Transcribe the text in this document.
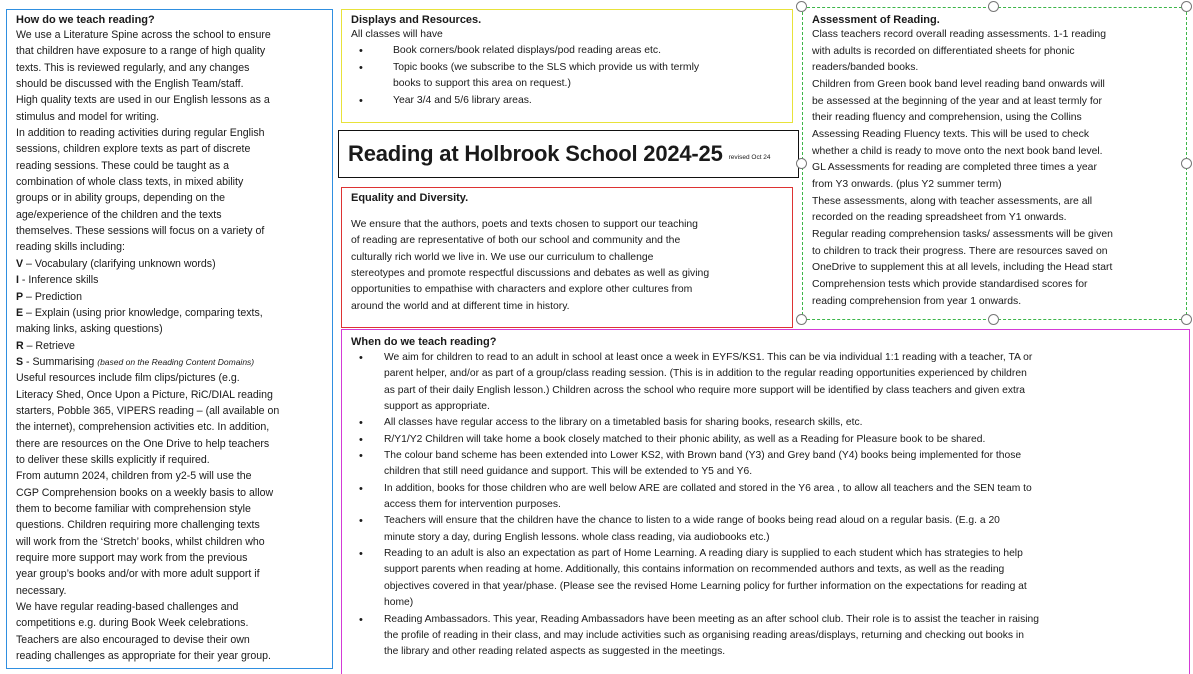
How do we teach reading?

We use a Literature Spine across the school to ensure

that children have exposure to a range of high quality

texts. This is reviewed regularly, and any changes

should be discussed with the English Team/staff.

High quality texts are used in our English lessons as a

stimulus and model for writing.

In addition to reading activities during regular English

sessions, children explore texts as part of discrete

reading sessions. These could be taught as a

combination of whole class texts, in mixed ability

groups or in ability groups, depending on the

age/experience of the children and the texts

themselves. These sessions will focus on a variety of

reading skills including:

V – Vocabulary (clarifying unknown words)

I - Inference skills

P – Prediction

E – Explain (using prior knowledge, comparing texts,

making links, asking questions)

R – Retrieve

S - Summarising (based on the Reading Content Domains)

Useful resources include film clips/pictures (e.g.

Literacy Shed, Once Upon a Picture, RiC/DIAL reading

starters, Pobble 365, VIPERS reading – (all available on

the internet), comprehension activities etc. In addition,

there are resources on the One Drive to help teachers

to deliver these skills explicitly if required.

From autumn 2024, children from y2-5 will use the

CGP Comprehension books on a weekly basis to allow

them to become familiar with comprehension style

questions. Children requiring more challenging texts

will work from the ‘Stretch’ books, whilst children who

require more support may work from the previous

year group’s books and/or with more adult support if

necessary.

We have regular reading-based challenges and

competitions e.g. during Book Week celebrations.

Teachers are also encouraged to devise their own

reading challenges as appropriate for their year group.

Displays and Resources.

All classes will have

• Book corners/book related displays/pod reading areas etc.
• Topic books (we subscribe to the SLS which provide us with termly
books to support this area on request.)
• Year 3/4 and 5/6 library areas.
Reading at Holbrook School 2024-25 revised Oct 24

Equality and Diversity.

We ensure that the authors, poets and texts chosen to support our teaching

of reading are representative of both our school and community and the

culturally rich world we live in. We use our curriculum to challenge

stereotypes and promote respectful discussions and debates as well as giving

opportunities to empathise with characters and explore other cultures from

around the world and at different time in history.

Assessment of Reading.

Class teachers record overall reading assessments. 1-1 reading

with adults is recorded on differentiated sheets for phonic

readers/banded books.

Children from Green book band level reading band onwards will

be assessed at the beginning of the year and at least termly for

their reading fluency and comprehension, using the Collins

Assessing Reading Fluency texts. This will be used to check

whether a child is ready to move onto the next book band level.

GL Assessments for reading are completed three times a year

from Y3 onwards. (plus Y2 summer term)

These assessments, along with teacher assessments, are all

recorded on the reading spreadsheet from Y1 onwards.

Regular reading comprehension tasks/ assessments will be given

to children to track their progress. There are resources saved on

OneDrive to supplement this at all levels, including the Head start

Comprehension tests which provide standardised scores for

reading comprehension from year 1 onwards.

When do we teach reading?

• We aim for children to read to an adult in school at least once a week in EYFS/KS1. This can be via individual 1:1 reading with a teacher, TA or
parent helper, and/or as part of a group/class reading session. (This is in addition to the regular reading opportunities experienced by children
as part of their daily English lesson.) Children across the school who require more support will be identified by class teachers and given extra
support as appropriate.
• All classes have regular access to the library on a timetabled basis for sharing books, research skills, etc.
• R/Y1/Y2 Children will take home a book closely matched to their phonic ability, as well as a Reading for Pleasure book to be shared.
• The colour band scheme has been extended into Lower KS2, with Brown band (Y3) and Grey band (Y4) books being implemented for those
children that still need guidance and support. This will be extended to Y5 and Y6.
• In addition, books for those children who are well below ARE are collated and stored in the Y6 area , to allow all teachers and the SEN team to
access them for intervention purposes.
• Teachers will ensure that the children have the chance to listen to a wide range of books being read aloud on a regular basis. (E.g. a 20
minute story a day, during English lessons. whole class reading, via audiobooks etc.)
• Reading to an adult is also an expectation as part of Home Learning. A reading diary is supplied to each student which has strategies to help
support parents when reading at home. Additionally, this contains information on recommended authors and texts, as well as the reading
objectives covered in that year/phase. (Please see the revised Home Learning policy for further information on the expectations for reading at
home)
• Reading Ambassadors. This year, Reading Ambassadors have been meeting as an after school club. Their role is to assist the teacher in raising
the profile of reading in their class, and may include activities such as organising reading areas/displays, returning and checking out books in
the library and other reading related aspects as suggested in the meetings.
